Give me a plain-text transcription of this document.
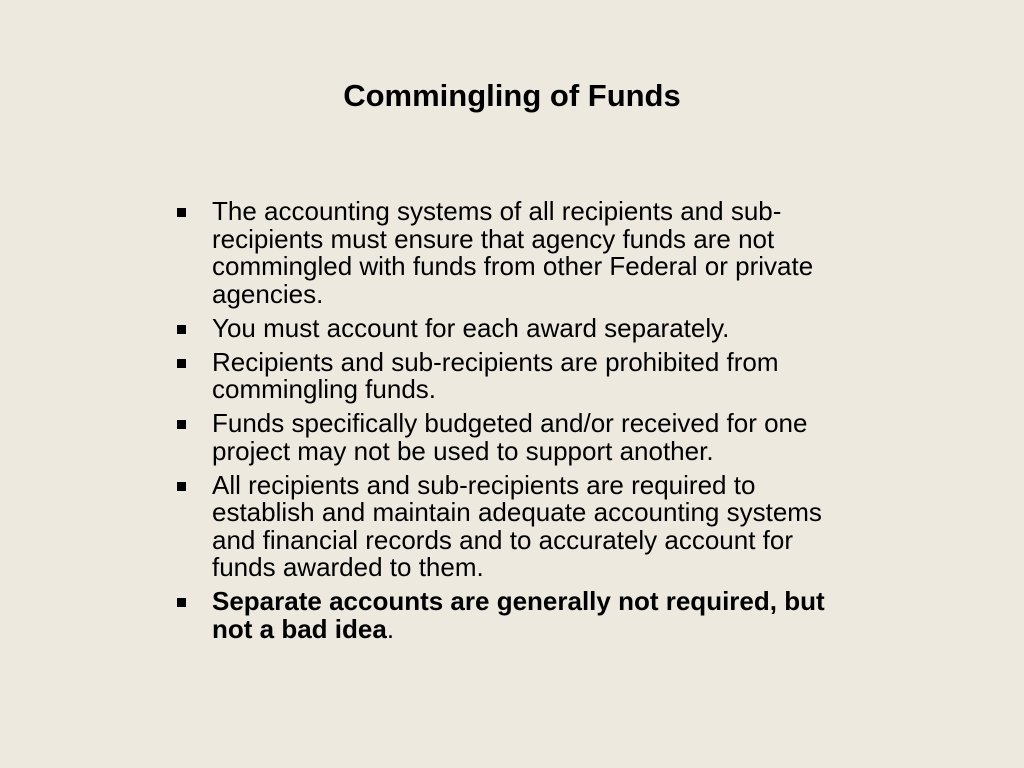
Commingling of Funds
The accounting systems of all recipients and sub-recipients must ensure that agency funds are not commingled with funds from other Federal or private agencies.
You must account for each award separately.
Recipients and sub-recipients are prohibited from commingling funds.
Funds specifically budgeted and/or received for one project may not be used to support another.
All recipients and sub-recipients are required to establish and maintain adequate accounting systems and financial records and to accurately account for funds awarded to them.
Separate accounts are generally not required, but not a bad idea.
